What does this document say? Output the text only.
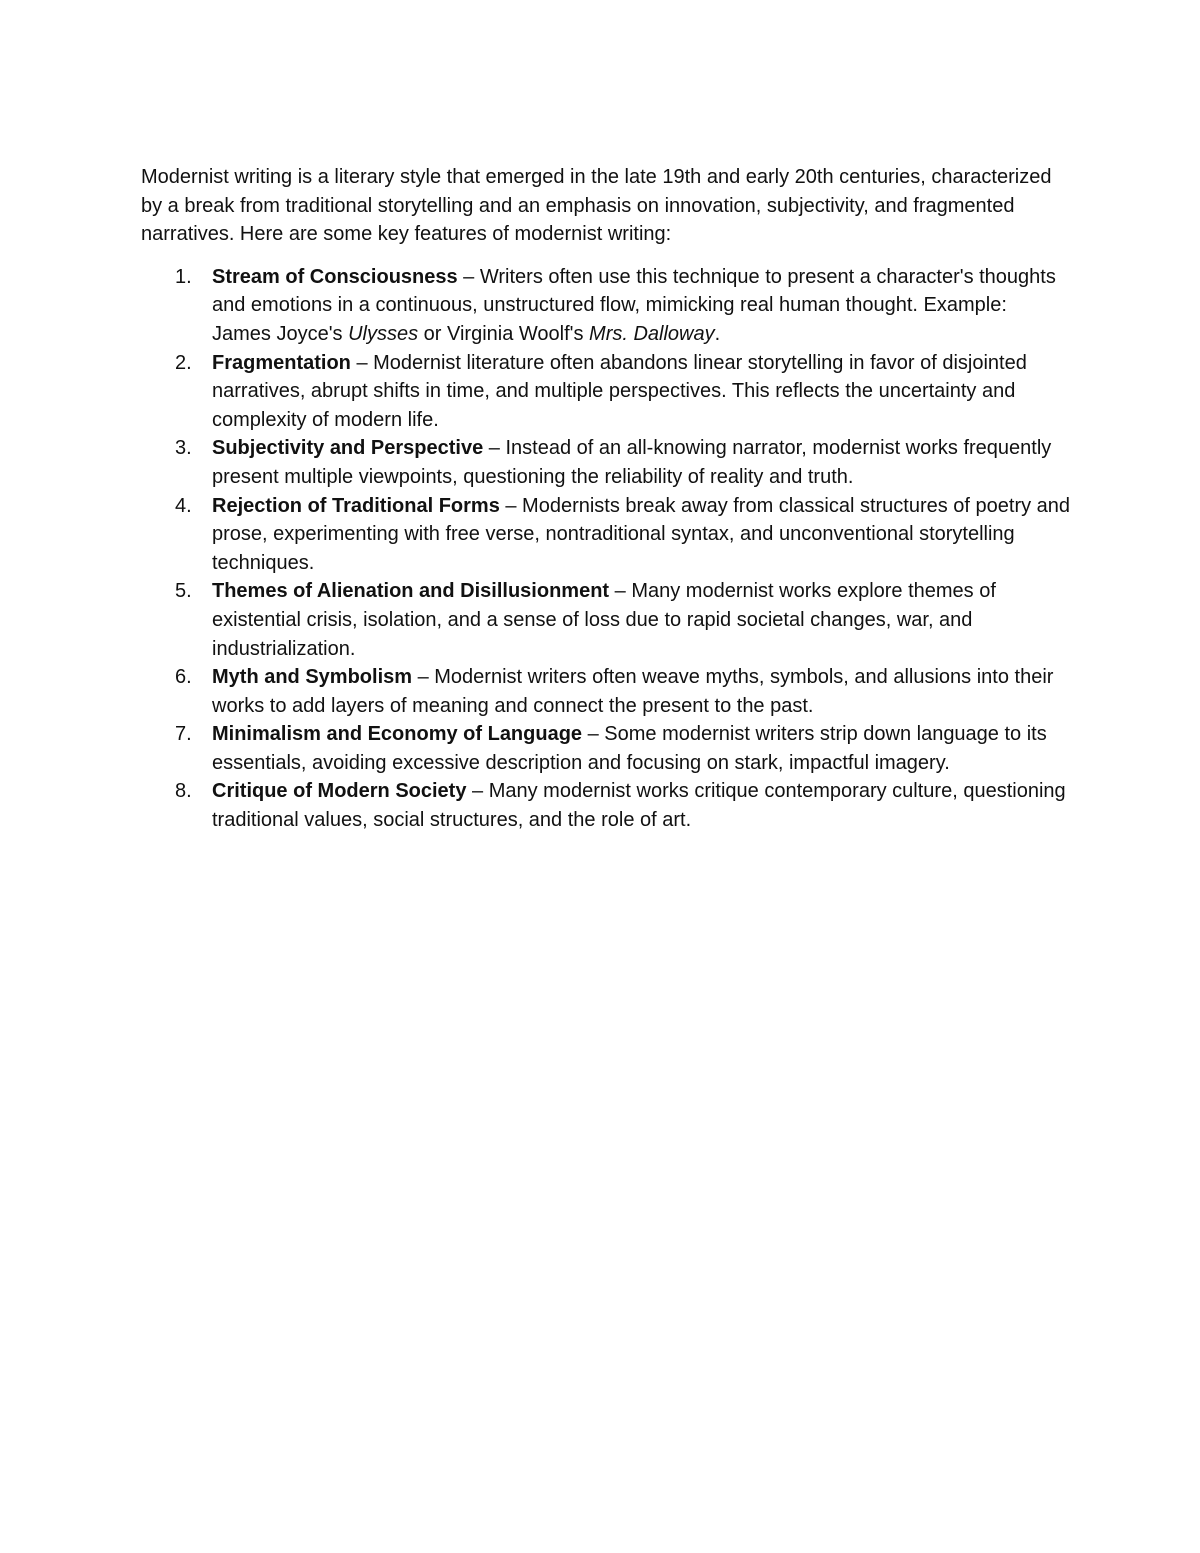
Modernist writing is a literary style that emerged in the late 19th and early 20th centuries, characterized by a break from traditional storytelling and an emphasis on innovation, subjectivity, and fragmented narratives. Here are some key features of modernist writing:

1. Stream of Consciousness – Writers often use this technique to present a character's thoughts and emotions in a continuous, unstructured flow, mimicking real human thought. Example: James Joyce's Ulysses or Virginia Woolf's Mrs. Dalloway.
2. Fragmentation – Modernist literature often abandons linear storytelling in favor of disjointed narratives, abrupt shifts in time, and multiple perspectives. This reflects the uncertainty and complexity of modern life.
3. Subjectivity and Perspective – Instead of an all-knowing narrator, modernist works frequently present multiple viewpoints, questioning the reliability of reality and truth.
4. Rejection of Traditional Forms – Modernists break away from classical structures of poetry and prose, experimenting with free verse, nontraditional syntax, and unconventional storytelling techniques.
5. Themes of Alienation and Disillusionment – Many modernist works explore themes of existential crisis, isolation, and a sense of loss due to rapid societal changes, war, and industrialization.
6. Myth and Symbolism – Modernist writers often weave myths, symbols, and allusions into their works to add layers of meaning and connect the present to the past.
7. Minimalism and Economy of Language – Some modernist writers strip down language to its essentials, avoiding excessive description and focusing on stark, impactful imagery.
8. Critique of Modern Society – Many modernist works critique contemporary culture, questioning traditional values, social structures, and the role of art.
